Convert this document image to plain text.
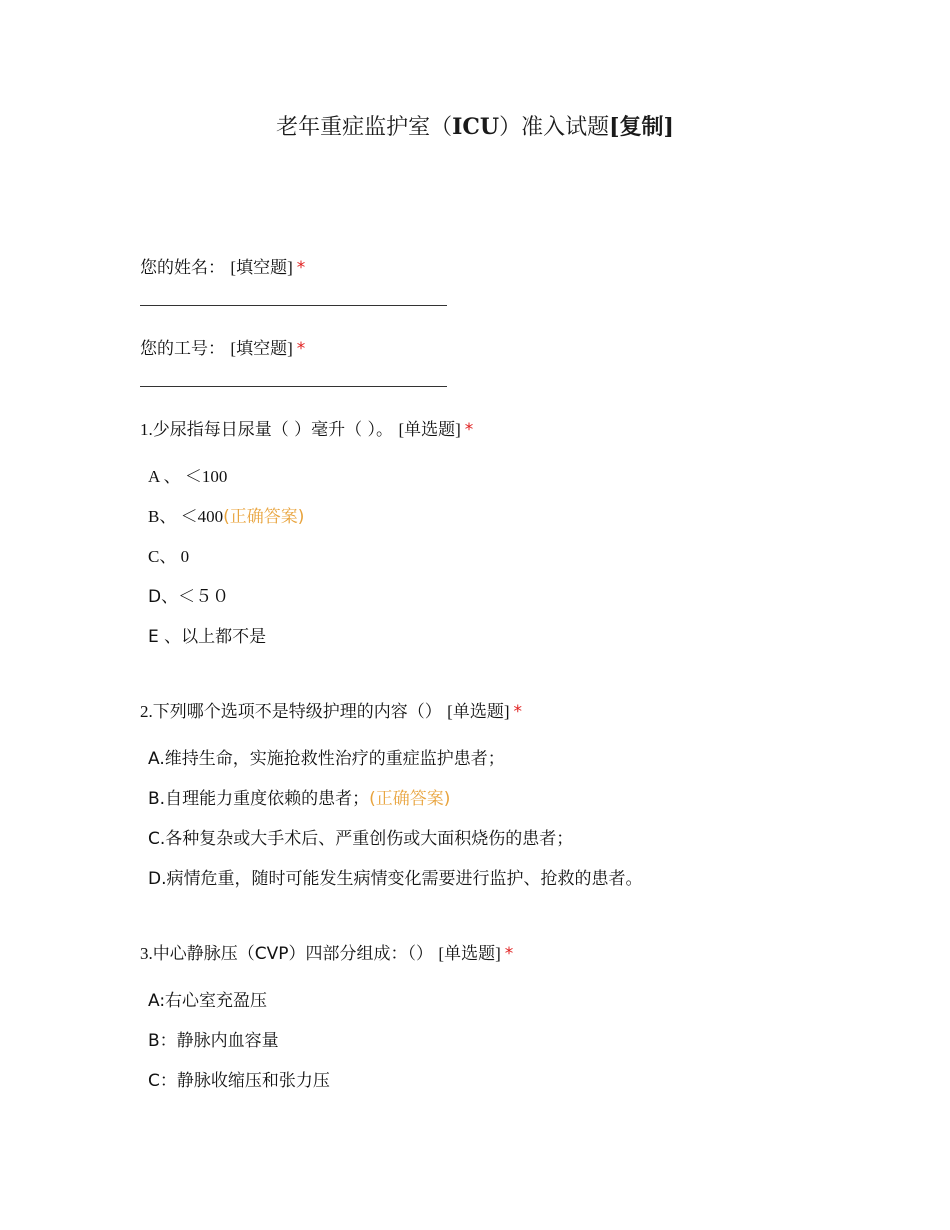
老年重症监护室（ICU）准入试题[复制]
您的姓名： [填空题] *
您的工号： [填空题] *
1.少尿指每日尿量（ ）毫升（ ）。 [单选题] *
A 、 ＜100
B、 ＜400(正确答案)
C、 0
D、＜５０
E 、以上都不是
2.下列哪个选项不是特级护理的内容（） [单选题] *
A.维持生命，实施抢救性治疗的重症监护患者；
B.自理能力重度依赖的患者；(正确答案)
C.各种复杂或大手术后、严重创伤或大面积烧伤的患者；
D.病情危重，随时可能发生病情变化需要进行监护、抢救的患者。
3.中心静脉压（CVP）四部分组成：（） [单选题] *
A:右心室充盈压
B：静脉内血容量
C：静脉收缩压和张力压
